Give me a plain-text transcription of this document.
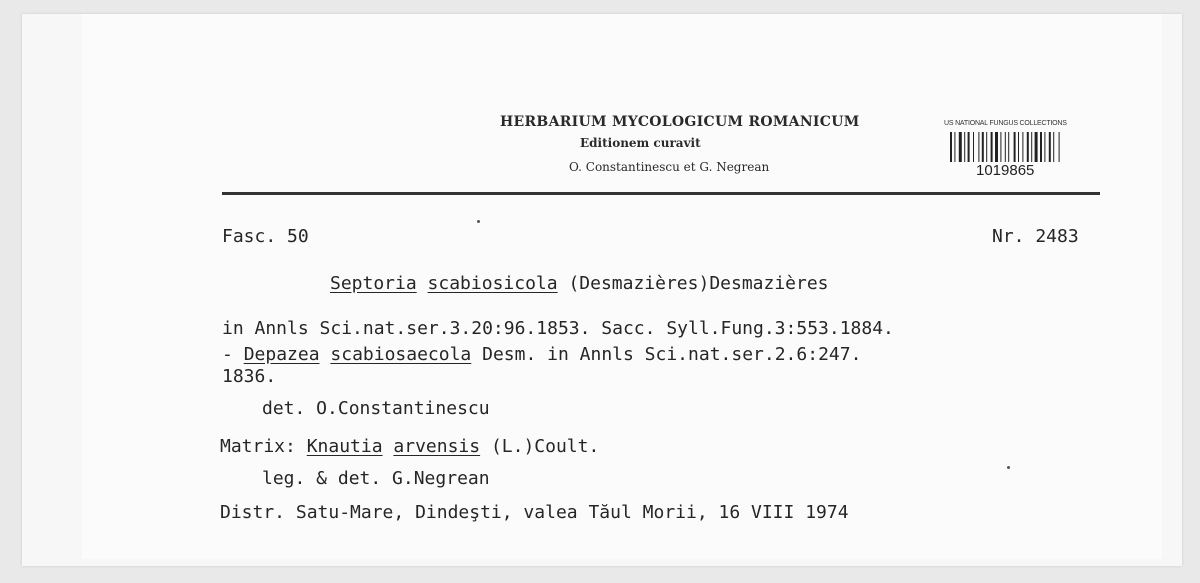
HERBARIUM MYCOLOGICUM ROMANICUM
Editionem curavit
O. Constantinescu et G. Negrean
US NATIONAL FUNGUS COLLECTIONS
1019865
Fasc. 50	Nr. 2483
Septoria scabiosicola (Desmazières)Desmazières
in Annls Sci.nat.ser.3.20:96.1853. Sacc. Syll.Fung.3:553.1884.
- Depazea scabiosaecola Desm. in Annls Sci.nat.ser.2.6:247.
1836.
det. O.Constantinescu
Matrix: Knautia arvensis (L.)Coult.
leg. & det. G.Negrean
Distr. Satu-Mare, Dindeşti, valea Tăul Morii, 16 VIII 1974
